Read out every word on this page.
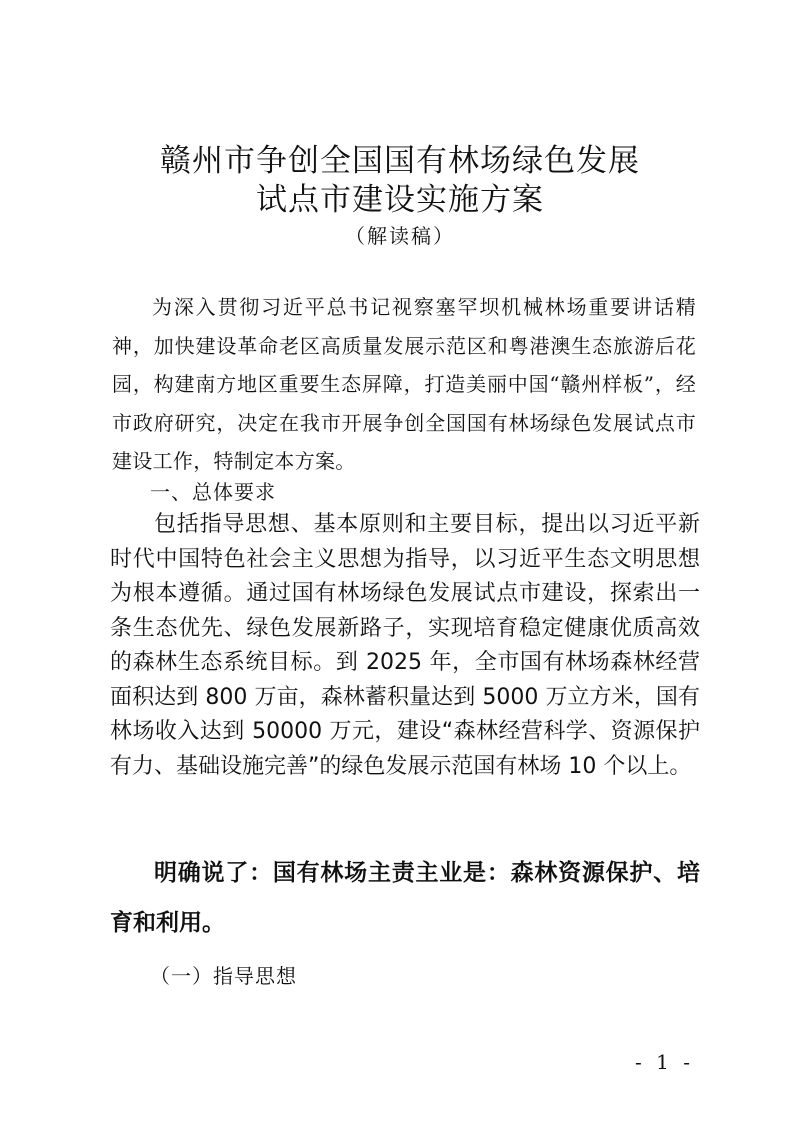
赣州市争创全国国有林场绿色发展
试点市建设实施方案
（解读稿）

为深入贯彻习近平总书记视察塞罕坝机械林场重要讲话精神，加快建设革命老区高质量发展示范区和粤港澳生态旅游后花园，构建南方地区重要生态屏障，打造美丽中国“赣州样板”，经市政府研究，决定在我市开展争创全国国有林场绿色发展试点市建设工作，特制定本方案。

一、总体要求

包括指导思想、基本原则和主要目标，提出以习近平新时代中国特色社会主义思想为指导，以习近平生态文明思想为根本遵循。通过国有林场绿色发展试点市建设，探索出一条生态优先、绿色发展新路子，实现培育稳定健康优质高效的森林生态系统目标。到 2025 年，全市国有林场森林经营面积达到 800 万亩，森林蓄积量达到 5000 万立方米，国有林场收入达到 50000 万元，建设“森林经营科学、资源保护有力、基础设施完善”的绿色发展示范国有林场 10 个以上。

明确说了：国有林场主责主业是：森林资源保护、培育和利用。

（一）指导思想
- 1 -
